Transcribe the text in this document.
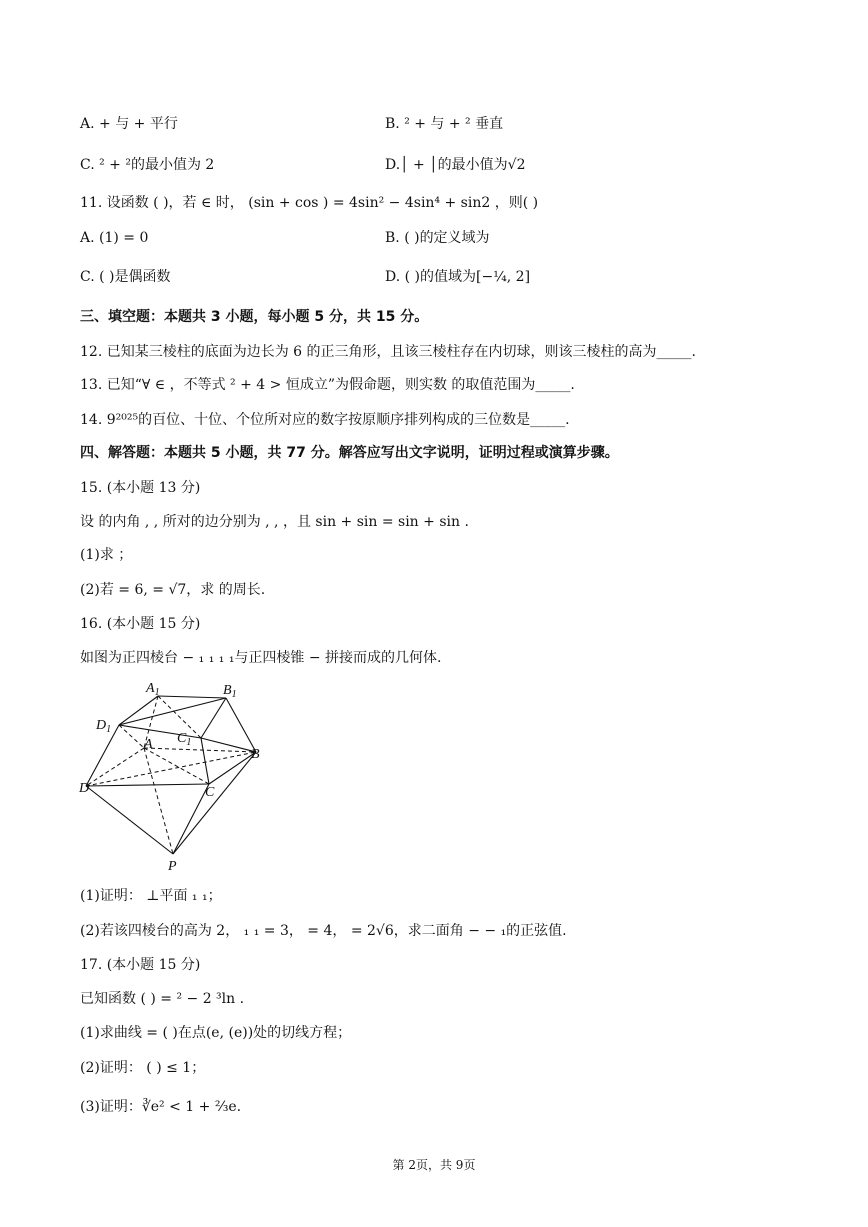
A. + 与 + 平行	B. ² + 与 + ² 垂直
C. ² + ²的最小值为 2	D.│ + │的最小值为√2
11. 设函数 ( )，若 ∈ 时， (sin + cos ) = 4sin² − 4sin⁴ + sin2 ，则( )
A. (1) = 0	B. ( )的定义域为
C. ( )是偶函数	D. ( )的值域为[−¼, 2]
三、填空题：本题共 3 小题，每小题 5 分，共 15 分。
12. 已知某三棱柱的底面为边长为 6 的正三角形，且该三棱柱存在内切球，则该三棱柱的高为_____.
13. 已知“∀ ∈ ，不等式 ² + 4 > 恒成立”为假命题，则实数 的取值范围为_____.
14. 9²⁰²⁵的百位、十位、个位所对应的数字按原顺序排列构成的三位数是_____.
四、解答题：本题共 5 小题，共 77 分。解答应写出文字说明，证明过程或演算步骤。
15. (本小题 13 分)
设 的内角 , , 所对的边分别为 , , ，且 sin + sin = sin + sin .
(1)求 ；
(2)若 = 6, = √7，求 的周长.
16. (本小题 15 分)
如图为正四棱台 − ₁ ₁ ₁ ₁与正四棱锥 − 拼接而成的几何体.
$A_1$	$B_1$
$C_1$
$D_1$
A
B
C
D
P
(1)证明： ⊥平面 ₁ ₁；
(2)若该四棱台的高为 2， ₁ ₁ = 3， = 4， = 2√6，求二面角 − − ₁的正弦值.
17. (本小题 15 分)
已知函数 ( ) = ² − 2 ³ln .
(1)求曲线 = ( )在点(e, (e))处的切线方程；
(2)证明： ( ) ≤ 1；
(3)证明：∛e² < 1 + ⅔e.
第 2页，共 9页
